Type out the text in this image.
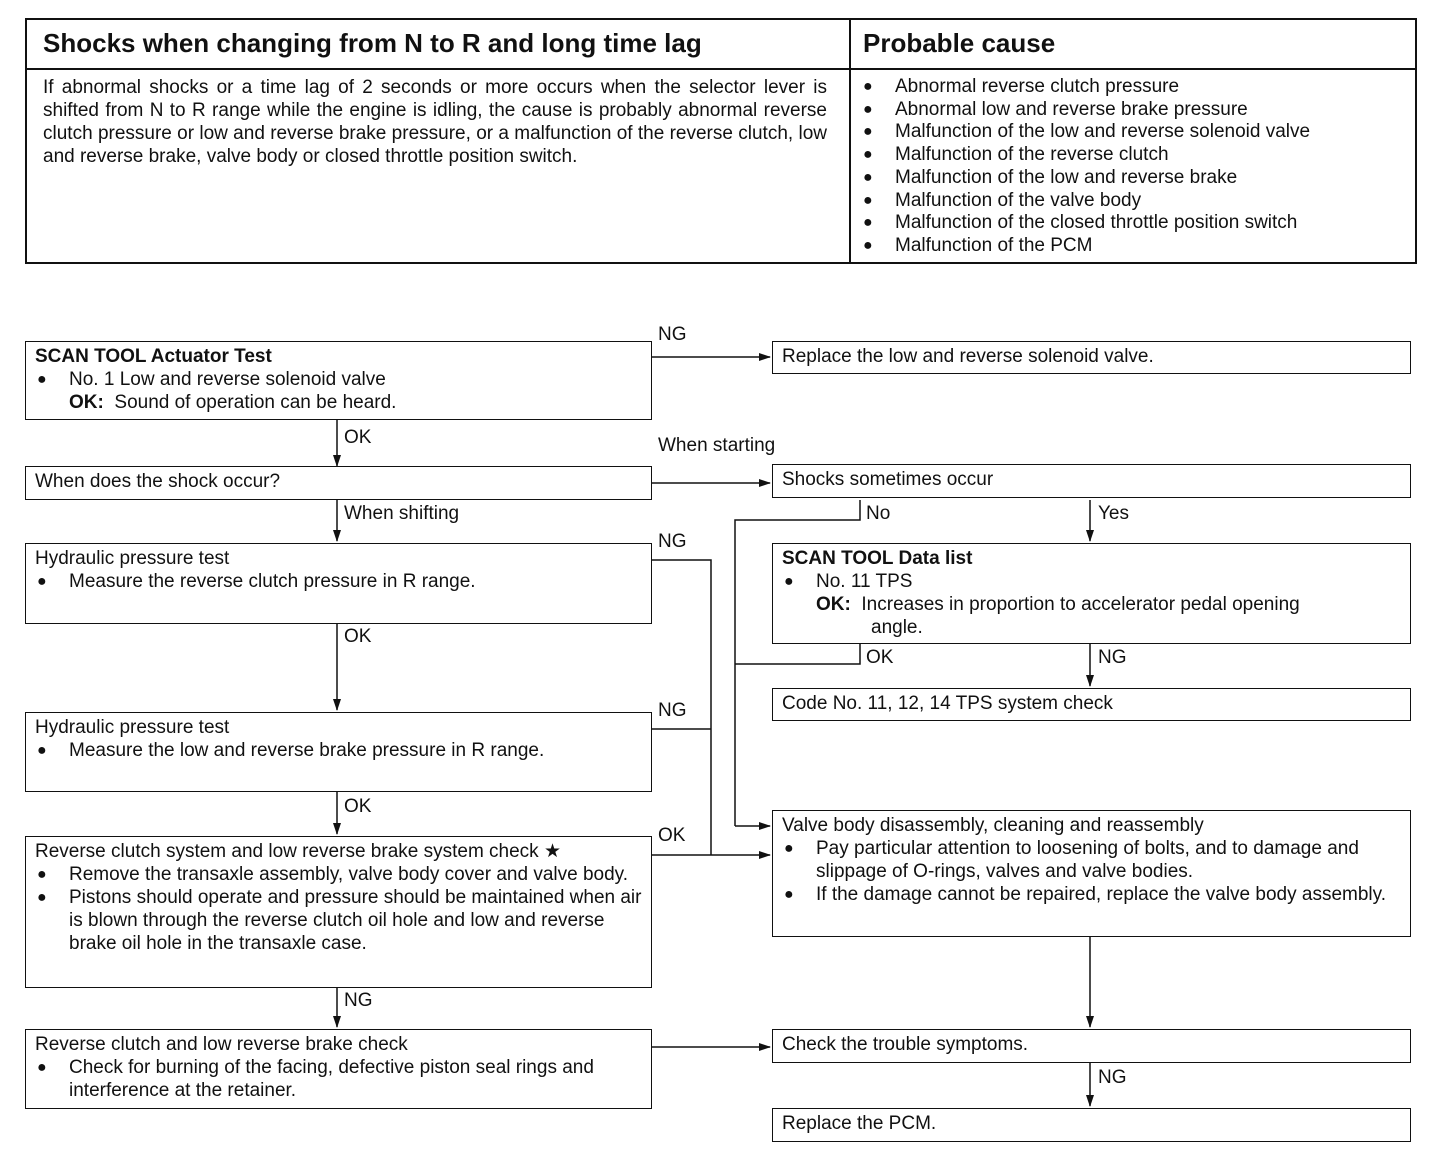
Shocks when changing from N to R and long time lag	Probable cause
If abnormal shocks or a time lag of 2 seconds or more occurs when the selector lever is shifted from N to R range while the engine is idling, the cause is probably abnormal reverse clutch pressure or low and reverse brake pressure, or a malfunction of the reverse clutch, low and reverse brake, valve body or closed throttle position switch.
● Abnormal reverse clutch pressure
● Abnormal low and reverse brake pressure
● Malfunction of the low and reverse solenoid valve
● Malfunction of the reverse clutch
● Malfunction of the low and reverse brake
● Malfunction of the valve body
● Malfunction of the closed throttle position switch
● Malfunction of the PCM
SCAN TOOL Actuator Test
● No. 1 Low and reverse solenoid valve
OK: Sound of operation can be heard.
When does the shock occur?
Hydraulic pressure test
● Measure the reverse clutch pressure in R range.
Hydraulic pressure test
● Measure the low and reverse brake pressure in R range.
Reverse clutch system and low reverse brake system check ★
● Remove the transaxle assembly, valve body cover and valve body.
● Pistons should operate and pressure should be maintained when air is blown through the reverse clutch oil hole and low and reverse brake oil hole in the transaxle case.
Reverse clutch and low reverse brake check
● Check for burning of the facing, defective piston seal rings and interference at the retainer.
Replace the low and reverse solenoid valve.
Shocks sometimes occur
SCAN TOOL Data list
● No. 11 TPS
OK: Increases in proportion to accelerator pedal opening
angle.
Code No. 11, 12, 14 TPS system check
Valve body disassembly, cleaning and reassembly
● Pay particular attention to loosening of bolts, and to damage and slippage of O-rings, valves and valve bodies.
● If the damage cannot be repaired, replace the valve body assembly.
Check the trouble symptoms.
Replace the PCM.
NG
OK	When starting
When shifting	No	Yes
NG
OK
OK	NG
NG
OK
OK
NG
NG
